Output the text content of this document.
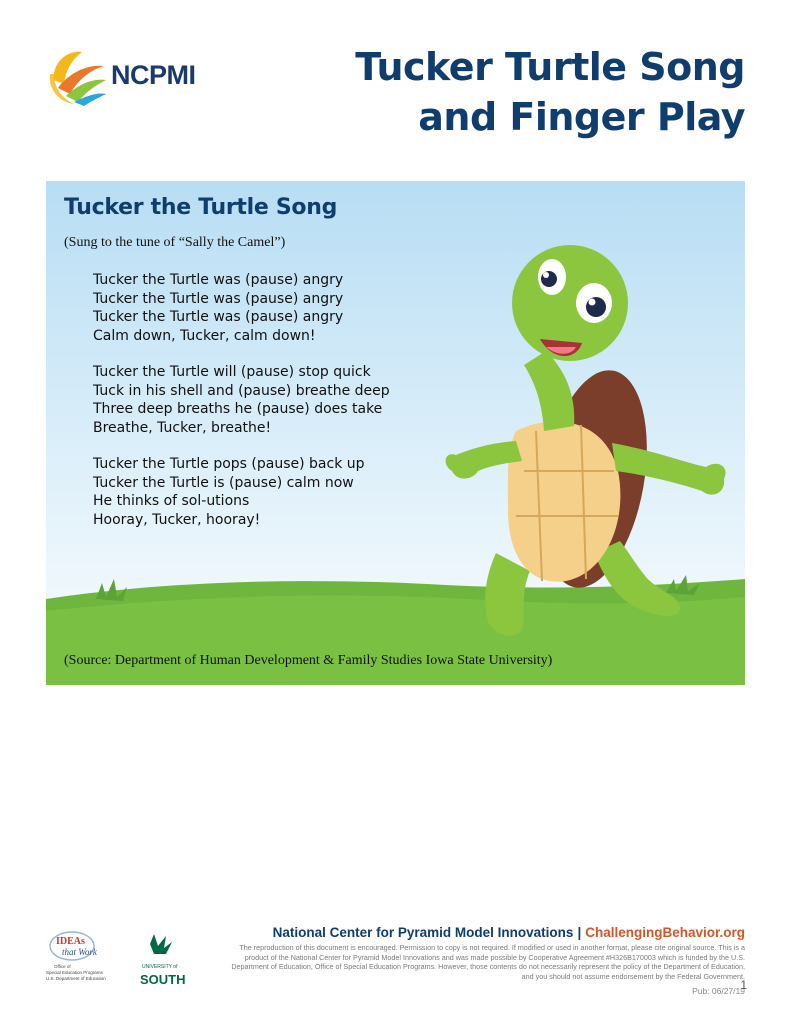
NCPMI	Tucker Turtle Song
and Finger Play
Tucker the Turtle Song
(Sung to the tune of “Sally the Camel”)
Tucker the Turtle was (pause) angry
Tucker the Turtle was (pause) angry
Tucker the Turtle was (pause) angry
Calm down, Tucker, calm down!
Tucker the Turtle will (pause) stop quick
Tuck in his shell and (pause) breathe deep
Three deep breaths he (pause) does take
Breathe, Tucker, breathe!
Tucker the Turtle pops (pause) back up
Tucker the Turtle is (pause) calm now
He thinks of sol-utions
Hooray, Tucker, hooray!
(Source: Department of Human Development & Family Studies Iowa State University)
IDEAs
that Work
Office of
Special Education Programs
U.S. Department of Education
UNIVERSITY of
SOUTH
National Center for Pyramid Model Innovations | ChallengingBehavior.org
The reproduction of this document is encouraged. Permission to copy is not required. If modified or used in another format, please cite original source. This is a product of the National Center for Pyramid Model Innovations and was made possible by Cooperative Agreement #H326B170003 which is funded by the U.S. Department of Education, Office of Special Education Programs. However, those contents do not necessarily represent the policy of the Department of Education, and you should not assume endorsement by the Federal Government.
Pub: 06/27/19
1
